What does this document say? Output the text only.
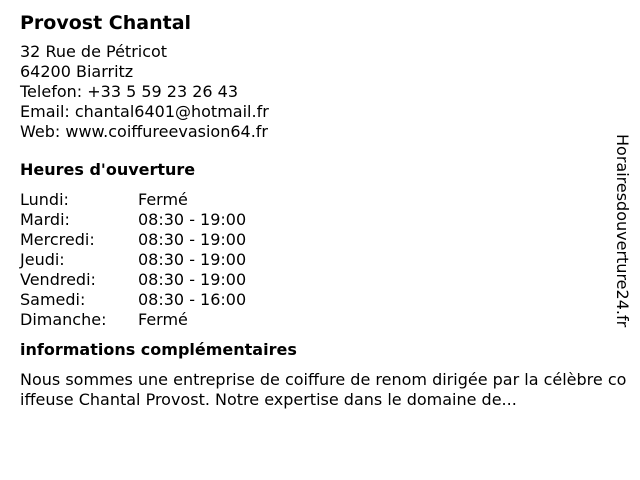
Provost Chantal
32 Rue de Pétricot
64200 Biarritz
Telefon: +33 5 59 23 26 43
Email: chantal6401@hotmail.fr
Web: www.coiffureevasion64.fr
Heures d'ouverture
Lundi:	Fermé
Mardi:	08:30 - 19:00
Mercredi:	08:30 - 19:00
Jeudi:	08:30 - 19:00
Vendredi:	08:30 - 19:00
Samedi:	08:30 - 16:00
Dimanche:	Fermé
informations complémentaires
Nous sommes une entreprise de coiffure de renom dirigée par la célèbre coiffeuse Chantal Provost. Notre expertise dans le domaine de...
Horairesdouverture24.fr
